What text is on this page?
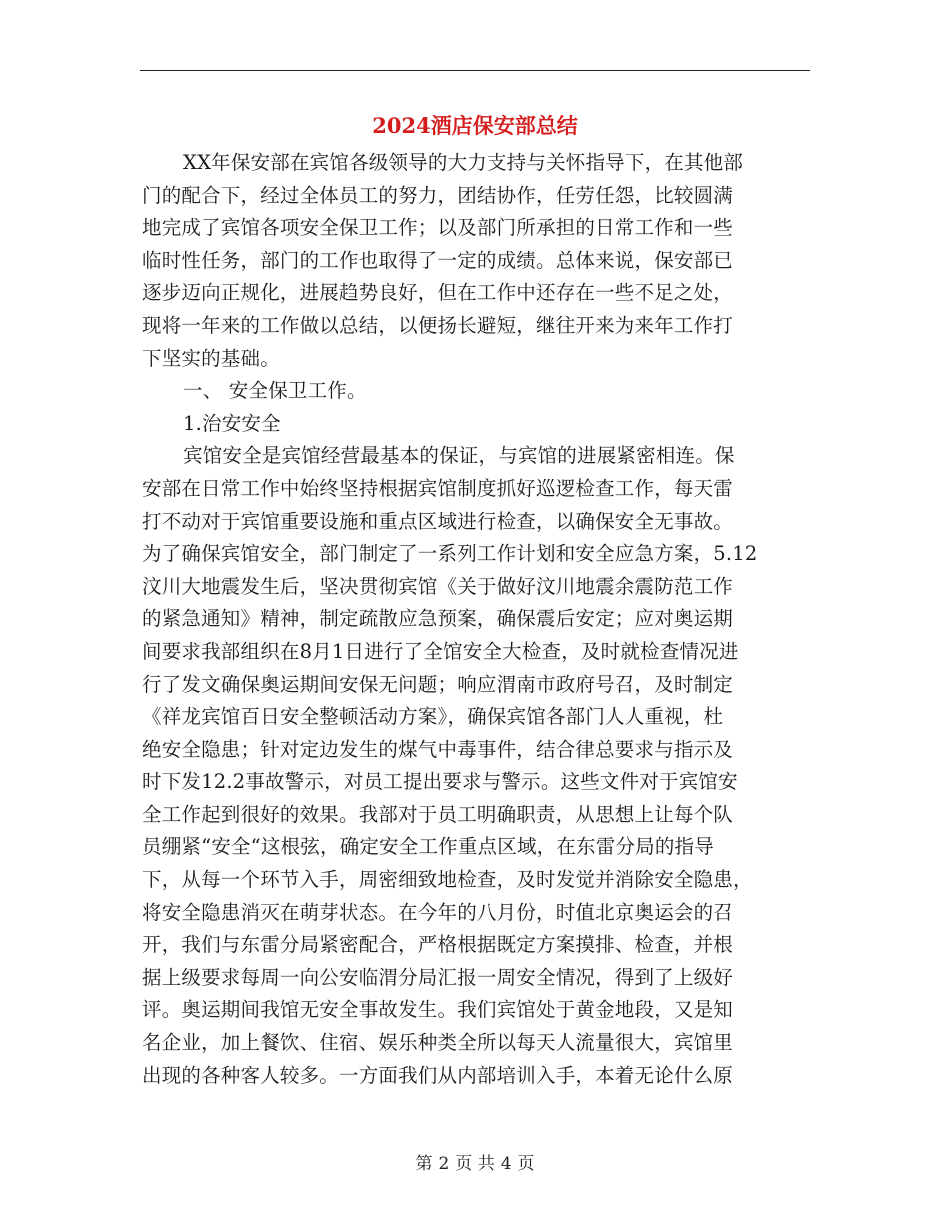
2024酒店保安部总结
XX年保安部在宾馆各级领导的大力支持与关怀指导下，在其他部
门的配合下，经过全体员工的努力，团结协作，任劳任怨，比较圆满
地完成了宾馆各项安全保卫工作；以及部门所承担的日常工作和一些
临时性任务，部门的工作也取得了一定的成绩。总体来说，保安部已
逐步迈向正规化，进展趋势良好，但在工作中还存在一些不足之处，
现将一年来的工作做以总结，以便扬长避短，继往开来为来年工作打
下坚实的基础。
一、 安全保卫工作。
1.治安安全
宾馆安全是宾馆经营最基本的保证，与宾馆的进展紧密相连。保
安部在日常工作中始终坚持根据宾馆制度抓好巡逻检查工作，每天雷
打不动对于宾馆重要设施和重点区域进行检查，以确保安全无事故。
为了确保宾馆安全，部门制定了一系列工作计划和安全应急方案，5.12
汶川大地震发生后，坚决贯彻宾馆《关于做好汶川地震余震防范工作
的紧急通知》精神，制定疏散应急预案，确保震后安定；应对奥运期
间要求我部组织在8月1日进行了全馆安全大检查，及时就检查情况进
行了发文确保奥运期间安保无问题；响应渭南市政府号召，及时制定
《祥龙宾馆百日安全整顿活动方案》，确保宾馆各部门人人重视，杜
绝安全隐患；针对定边发生的煤气中毒事件，结合律总要求与指示及
时下发12.2事故警示，对员工提出要求与警示。这些文件对于宾馆安
全工作起到很好的效果。我部对于员工明确职责，从思想上让每个队
员绷紧“安全“这根弦，确定安全工作重点区域，在东雷分局的指导
下，从每一个环节入手，周密细致地检查，及时发觉并消除安全隐患，
将安全隐患消灭在萌芽状态。在今年的八月份，时值北京奥运会的召
开，我们与东雷分局紧密配合，严格根据既定方案摸排、检查，并根
据上级要求每周一向公安临渭分局汇报一周安全情况，得到了上级好
评。奥运期间我馆无安全事故发生。我们宾馆处于黄金地段，又是知
名企业，加上餐饮、住宿、娱乐种类全所以每天人流量很大，宾馆里
出现的各种客人较多。一方面我们从内部培训入手，本着无论什么原
第 2 页 共 4 页
